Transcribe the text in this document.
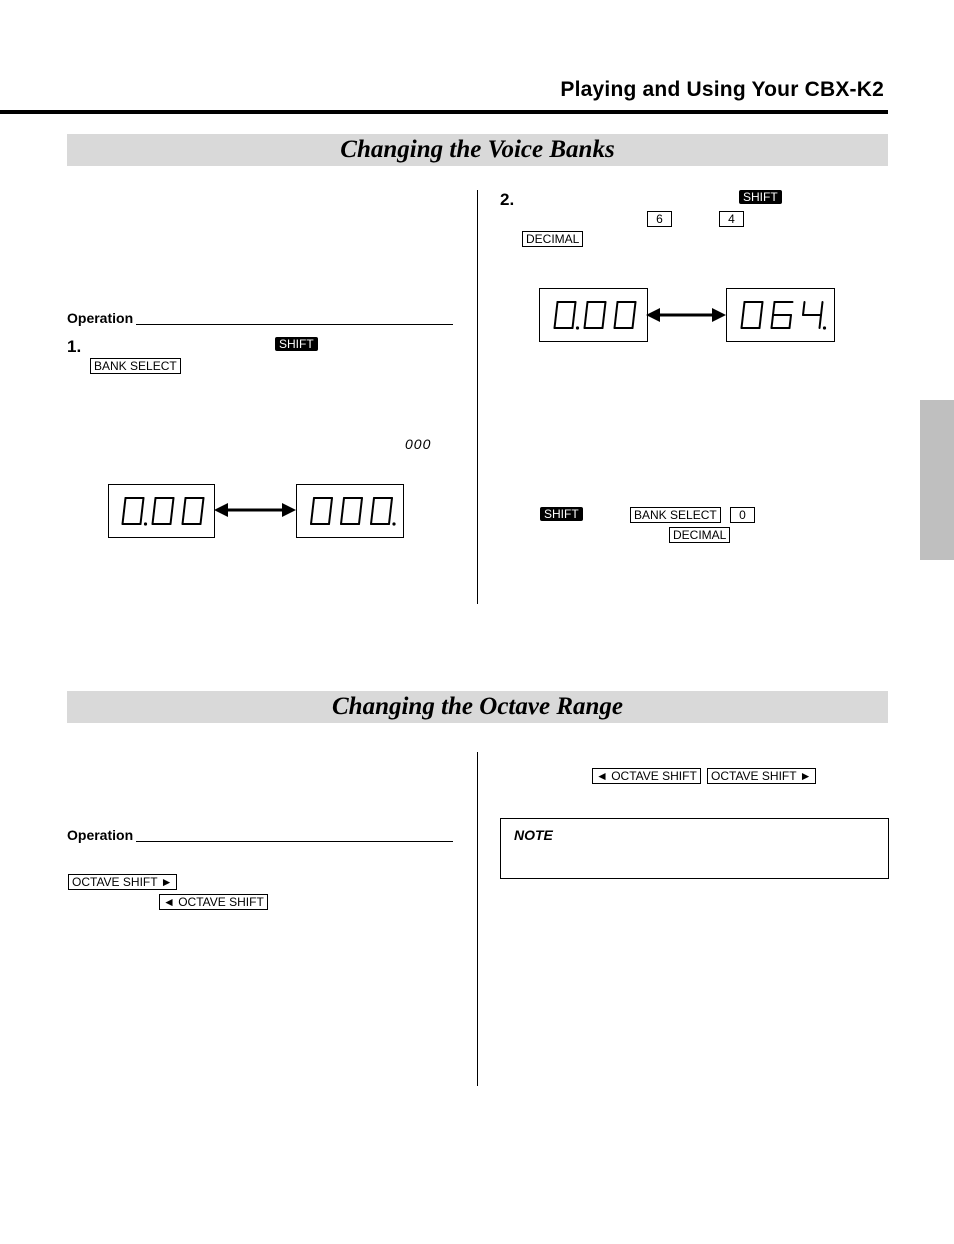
Playing and Using Your CBX-K2
Changing the Voice Banks
Operation
1.	SHIFT
BANK SELECT
000
2.	SHIFT
6	4
DECIMAL
SHIFT	BANK SELECT	0
DECIMAL
Changing the Octave Range
Operation
OCTAVE SHIFT ►
◄ OCTAVE SHIFT
◄ OCTAVE SHIFT	OCTAVE SHIFT ►
NOTE
